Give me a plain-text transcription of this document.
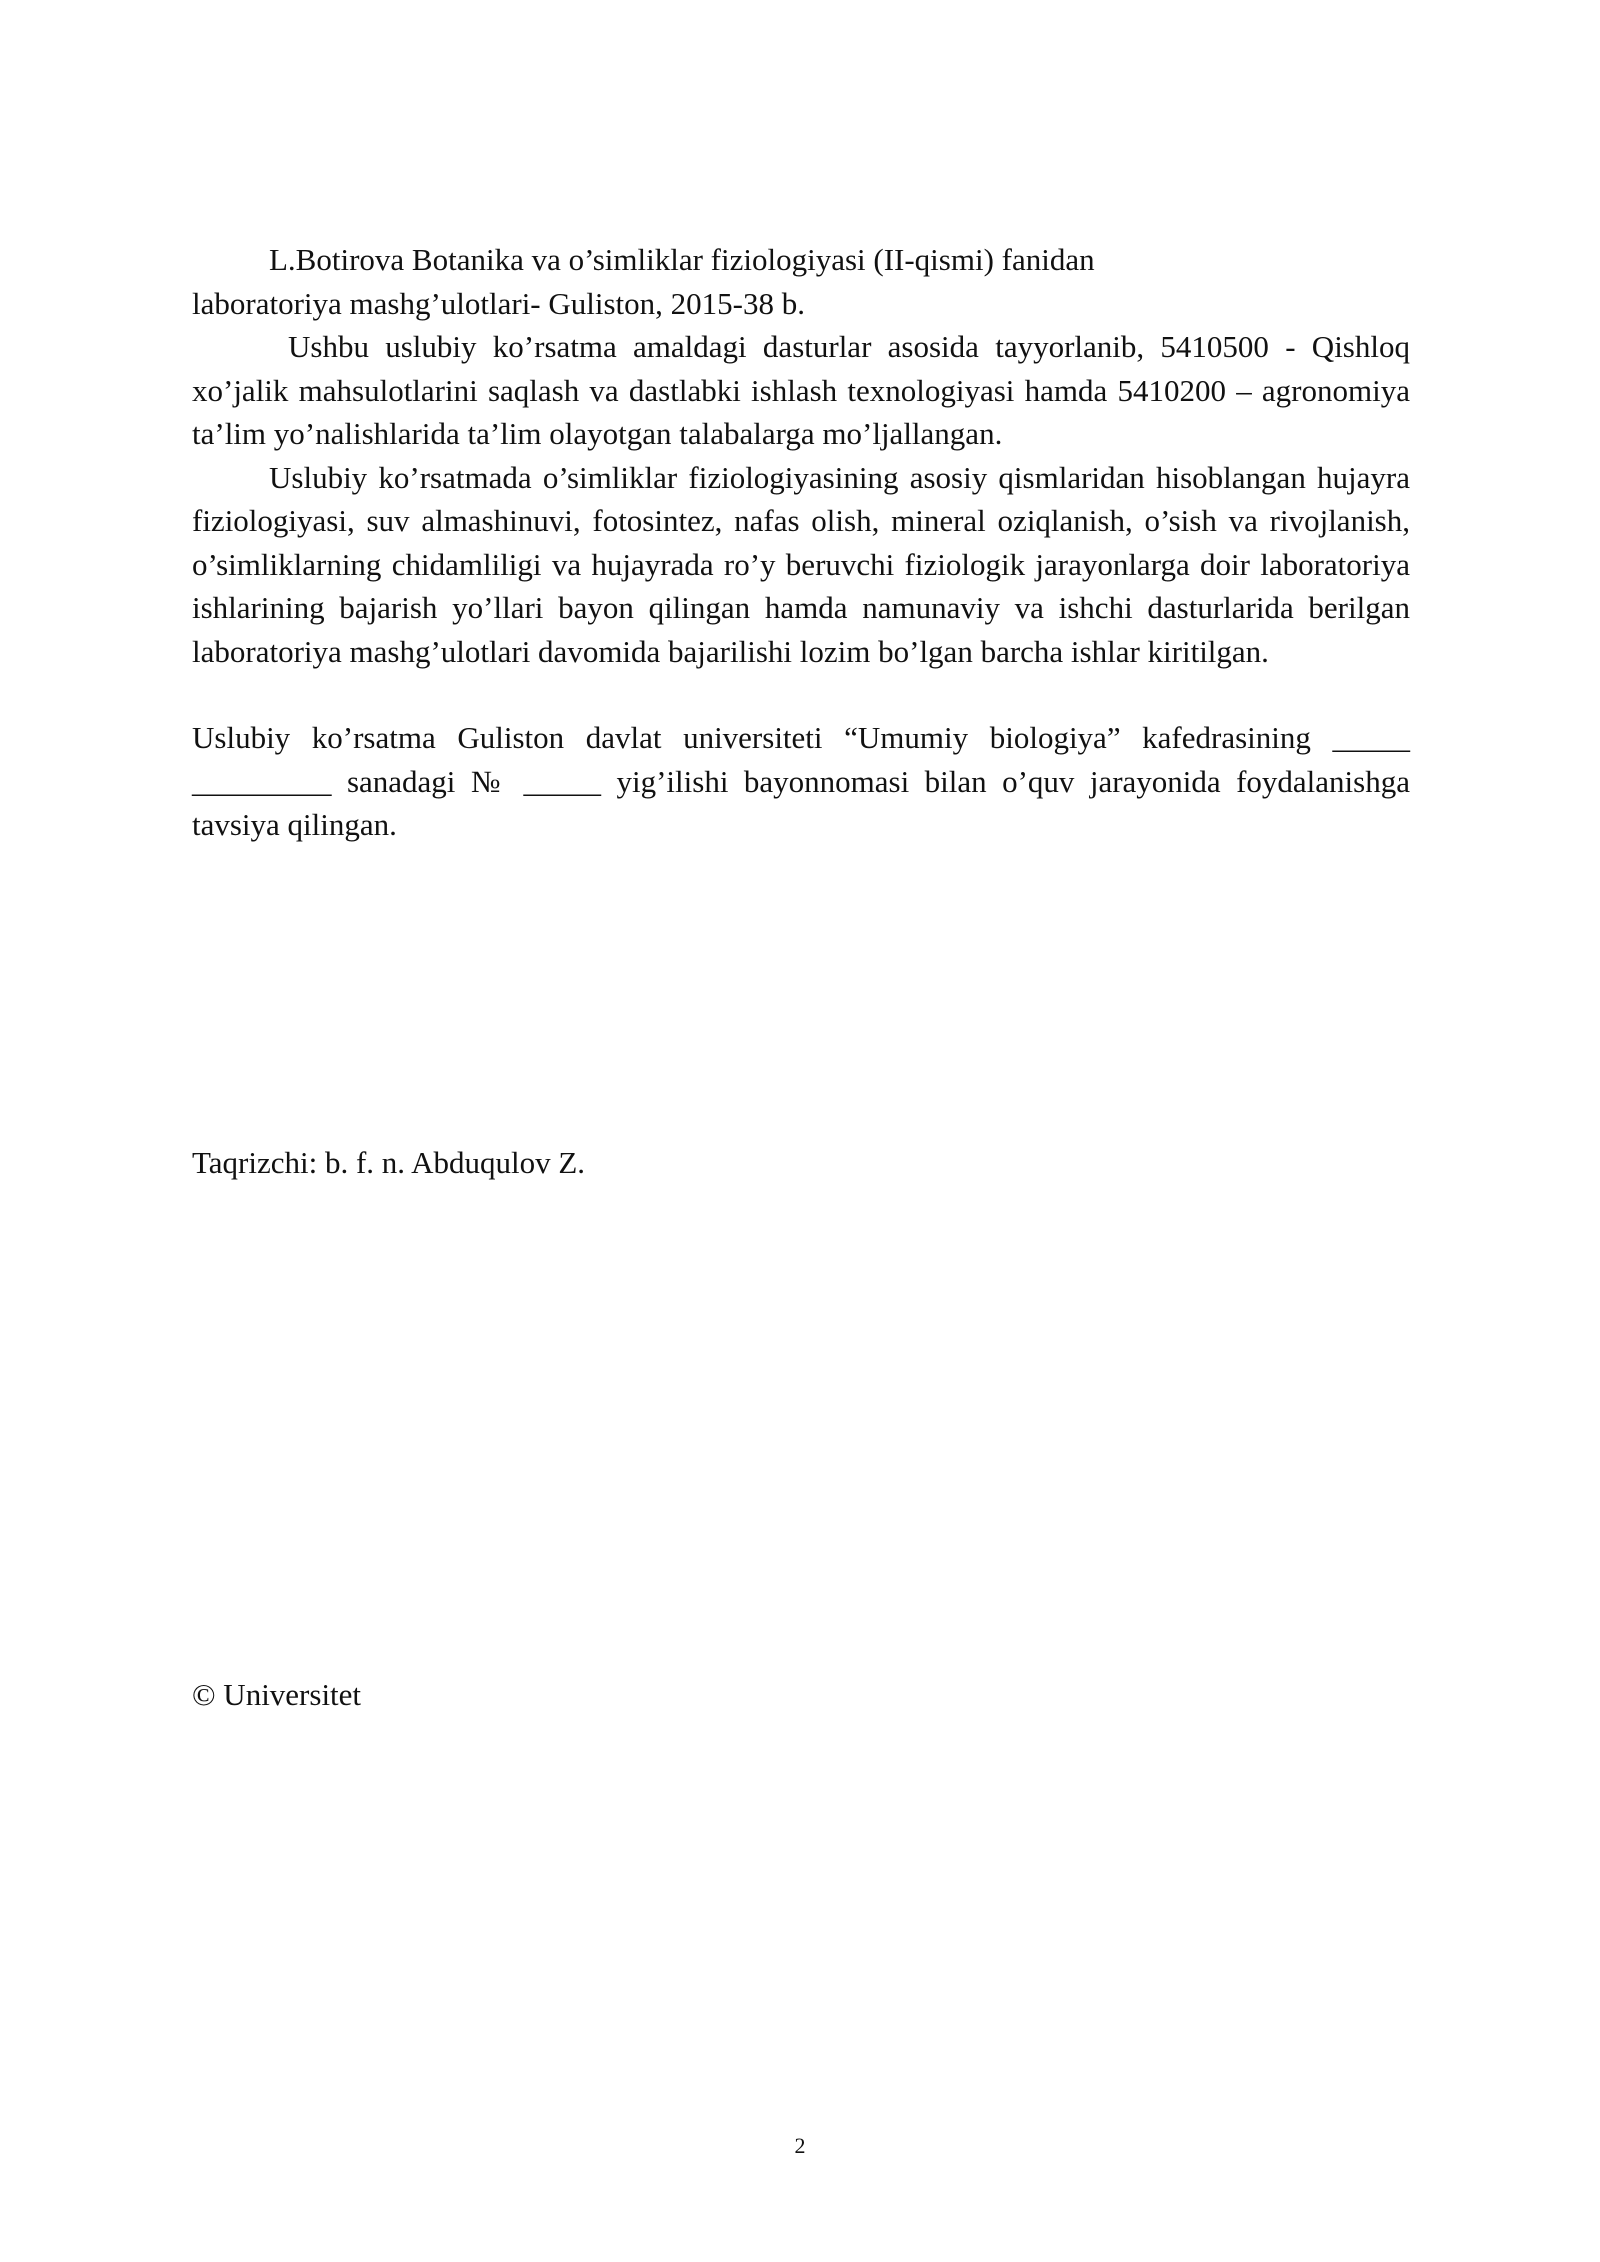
L.Botirova Botanika va o’simliklar fiziologiyasi (II-qismi) fanidan

laboratoriya mashg’ulotlari- Guliston, 2015-38 b.

Ushbu uslubiy ko’rsatma amaldagi dasturlar asosida tayyorlanib, 5410500 - Qishloq xo’jalik mahsulotlarini saqlash va dastlabki ishlash texnologiyasi hamda 5410200 – agronomiya ta’lim yo’nalishlarida ta’lim olayotgan talabalarga mo’ljallangan.

Uslubiy ko’rsatmada o’simliklar fiziologiyasining asosiy qismlaridan hisoblangan hujayra fiziologiyasi, suv almashinuvi, fotosintez, nafas olish, mineral oziqlanish, o’sish va rivojlanish, o’simliklarning chidamliligi va hujayrada ro’y beruvchi fiziologik jarayonlarga doir laboratoriya ishlarining bajarish yo’llari bayon qilingan hamda namunaviy va ishchi dasturlarida berilgan laboratoriya mashg’ulotlari davomida bajarilishi lozim bo’lgan barcha ishlar kiritilgan.

Uslubiy ko’rsatma Guliston davlat universiteti “Umumiy biologiya” kafedrasining _____ _________ sanadagi № _____ yig’ilishi bayonnomasi bilan o’quv jarayonida foydalanishga tavsiya qilingan.

Taqrizchi: b. f. n. Abduqulov Z.

© Universitet

2
